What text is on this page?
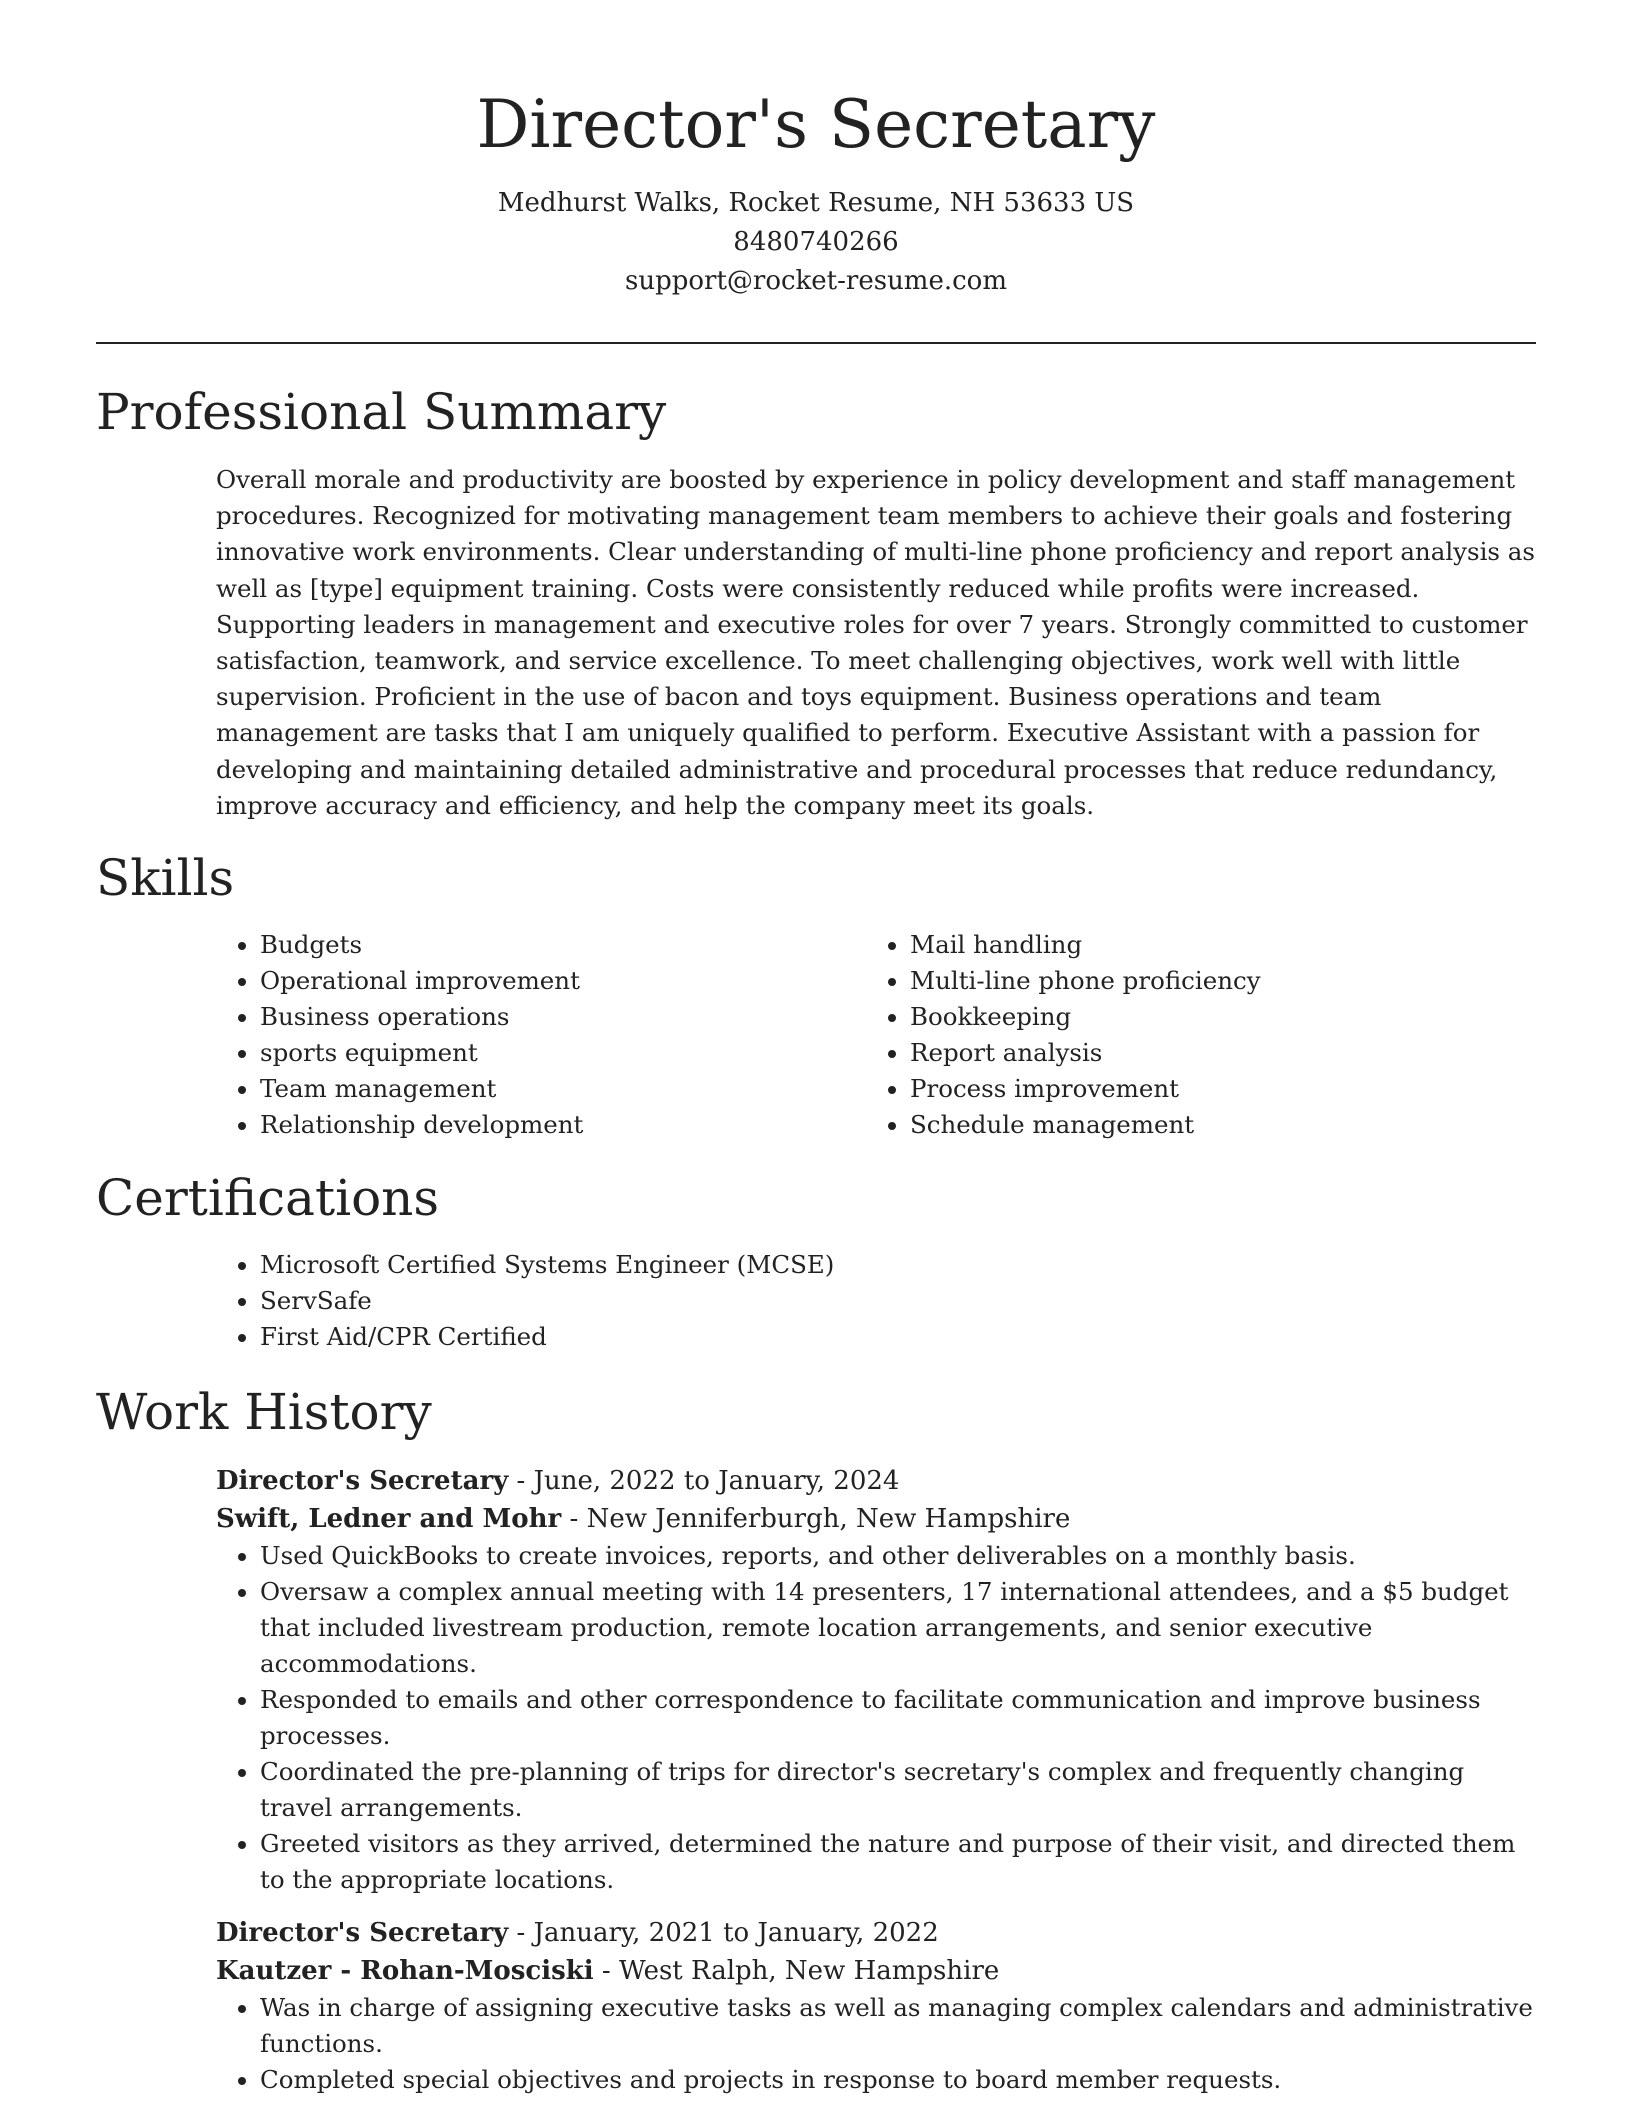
Director's Secretary

Medhurst Walks, Rocket Resume, NH 53633 US

8480740266

support@rocket-resume.com

Professional Summary

Overall morale and productivity are boosted by experience in policy development and staff management procedures. Recognized for motivating management team members to achieve their goals and fostering innovative work environments. Clear understanding of multi-line phone proficiency and report analysis as well as [type] equipment training. Costs were consistently reduced while profits were increased. Supporting leaders in management and executive roles for over 7 years. Strongly committed to customer satisfaction, teamwork, and service excellence. To meet challenging objectives, work well with little supervision. Proficient in the use of bacon and toys equipment. Business operations and team management are tasks that I am uniquely qualified to perform. Executive Assistant with a passion for developing and maintaining detailed administrative and procedural processes that reduce redundancy, improve accuracy and efficiency, and help the company meet its goals.

Skills
• Budgets
• Operational improvement
• Business operations
• sports equipment
• Team management
• Relationship development
• Mail handling
• Multi-line phone proficiency
• Bookkeeping
• Report analysis
• Process improvement
• Schedule management
Certifications
• Microsoft Certified Systems Engineer (MCSE)
• ServSafe
• First Aid/CPR Certified
Work History

Director's Secretary - June, 2022 to January, 2024

Swift, Ledner and Mohr - New Jenniferburgh, New Hampshire

• Used QuickBooks to create invoices, reports, and other deliverables on a monthly basis.
• Oversaw a complex annual meeting with 14 presenters, 17 international attendees, and a $5 budget that included livestream production, remote location arrangements, and senior executive accommodations.
• Responded to emails and other correspondence to facilitate communication and improve business processes.
• Coordinated the pre-planning of trips for director's secretary's complex and frequently changing travel arrangements.
• Greeted visitors as they arrived, determined the nature and purpose of their visit, and directed them to the appropriate locations.

Director's Secretary - January, 2021 to January, 2022

Kautzer - Rohan-Mosciski - West Ralph, New Hampshire

• Was in charge of assigning executive tasks as well as managing complex calendars and administrative functions.
• Completed special objectives and projects in response to board member requests.
